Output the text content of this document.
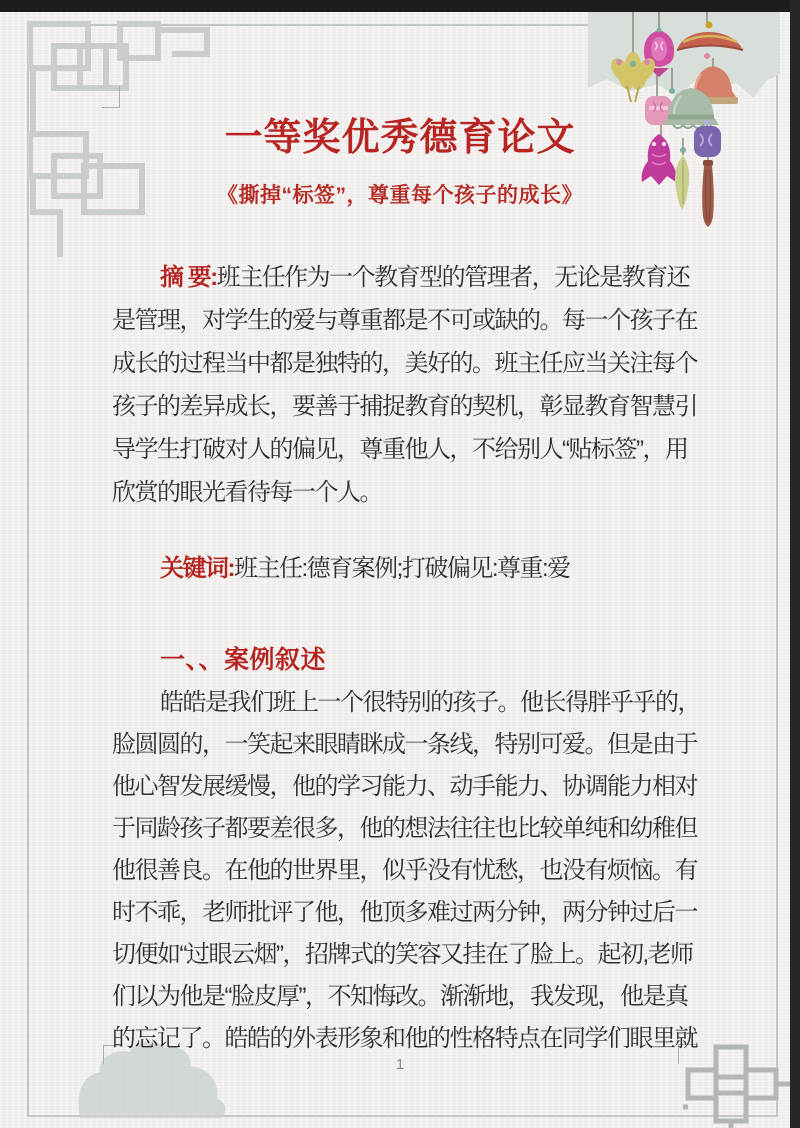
一等奖优秀德育论文
《撕掉“标签”，尊重每个孩子的成长》
摘 要:班主任作为一个教育型的管理者，无论是教育还
是管理，对学生的爱与尊重都是不可或缺的。每一个孩子在
成长的过程当中都是独特的，美好的。班主任应当关注每个
孩子的差异成长，要善于捕捉教育的契机，彰显教育智慧引
导学生打破对人的偏见，尊重他人，不给别人“贴标签”，用
欣赏的眼光看待每一个人。
关键词:班主任:德育案例;打破偏见:尊重:爱
一、、案例叙述
皓皓是我们班上一个很特别的孩子。他长得胖乎乎的，
脸圆圆的，一笑起来眼睛眯成一条线，特别可爱。但是由于
他心智发展缓慢，他的学习能力、动手能力、协调能力相对
于同龄孩子都要差很多，他的想法往往也比较单纯和幼稚但
他很善良。在他的世界里，似乎没有忧愁，也没有烦恼。有
时不乖，老师批评了他，他顶多难过两分钟，两分钟过后一
切便如“过眼云烟”，招牌式的笑容又挂在了脸上。起初,老师
们以为他是“脸皮厚”，不知悔改。渐渐地，我发现，他是真
的忘记了。皓皓的外表形象和他的性格特点在同学们眼里就
1
